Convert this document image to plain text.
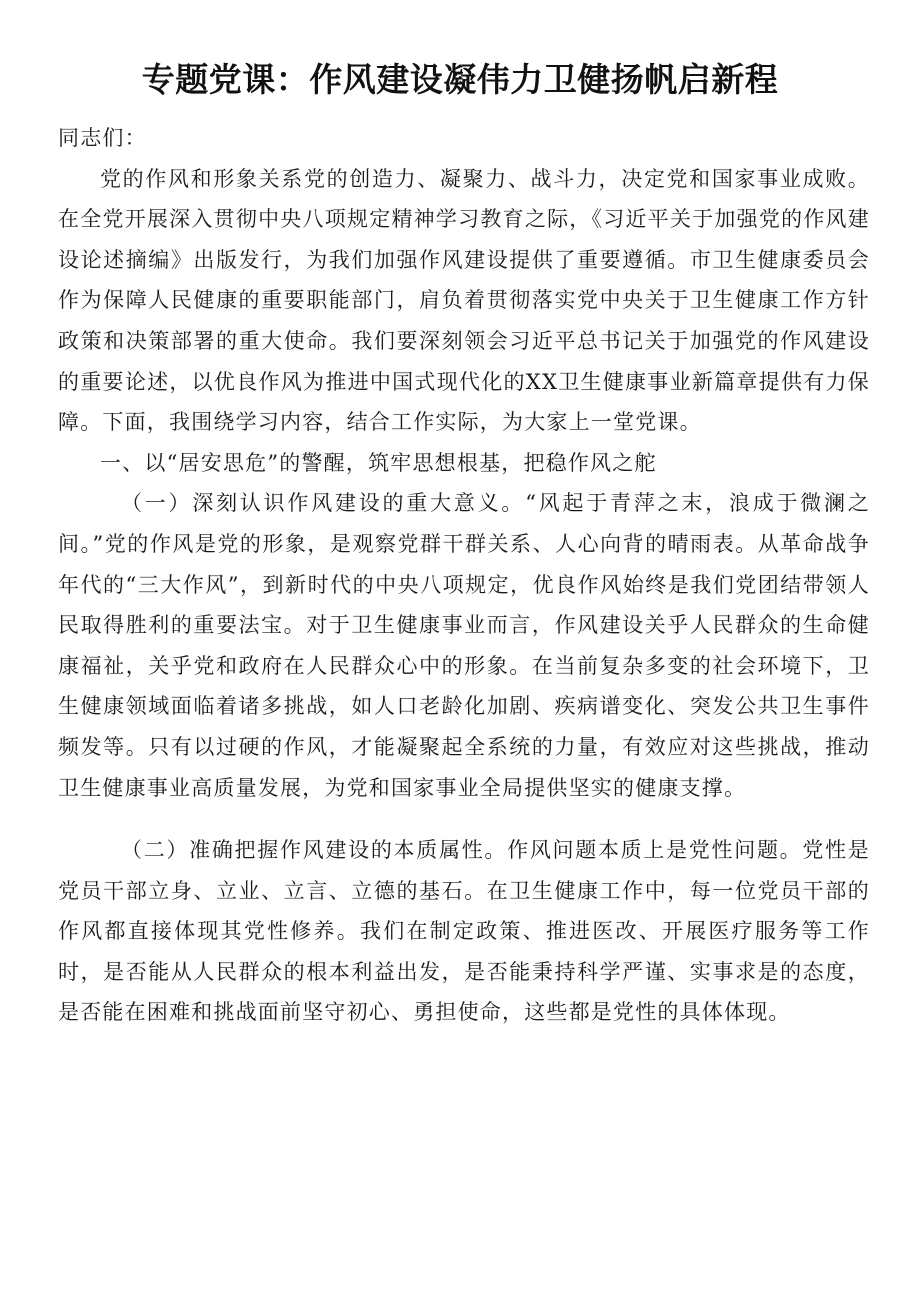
专题党课：作风建设凝伟力卫健扬帆启新程

同志们：

党的作风和形象关系党的创造力、凝聚力、战斗力，决定党和国家事业成败。在全党开展深入贯彻中央八项规定精神学习教育之际，《习近平关于加强党的作风建设论述摘编》出版发行，为我们加强作风建设提供了重要遵循。市卫生健康委员会作为保障人民健康的重要职能部门，肩负着贯彻落实党中央关于卫生健康工作方针政策和决策部署的重大使命。我们要深刻领会习近平总书记关于加强党的作风建设的重要论述，以优良作风为推进中国式现代化的XX卫生健康事业新篇章提供有力保障。下面，我围绕学习内容，结合工作实际，为大家上一堂党课。

一、以“居安思危”的警醒，筑牢思想根基，把稳作风之舵

（一）深刻认识作风建设的重大意义。“风起于青萍之末，浪成于微澜之间。”党的作风是党的形象，是观察党群干群关系、人心向背的晴雨表。从革命战争年代的“三大作风”，到新时代的中央八项规定，优良作风始终是我们党团结带领人民取得胜利的重要法宝。对于卫生健康事业而言，作风建设关乎人民群众的生命健康福祉，关乎党和政府在人民群众心中的形象。在当前复杂多变的社会环境下，卫生健康领域面临着诸多挑战，如人口老龄化加剧、疾病谱变化、突发公共卫生事件频发等。只有以过硬的作风，才能凝聚起全系统的力量，有效应对这些挑战，推动卫生健康事业高质量发展，为党和国家事业全局提供坚实的健康支撑。

（二）准确把握作风建设的本质属性。作风问题本质上是党性问题。党性是党员干部立身、立业、立言、立德的基石。在卫生健康工作中，每一位党员干部的作风都直接体现其党性修养。我们在制定政策、推进医改、开展医疗服务等工作时，是否能从人民群众的根本利益出发，是否能秉持科学严谨、实事求是的态度，是否能在困难和挑战面前坚守初心、勇担使命，这些都是党性的具体体现。
